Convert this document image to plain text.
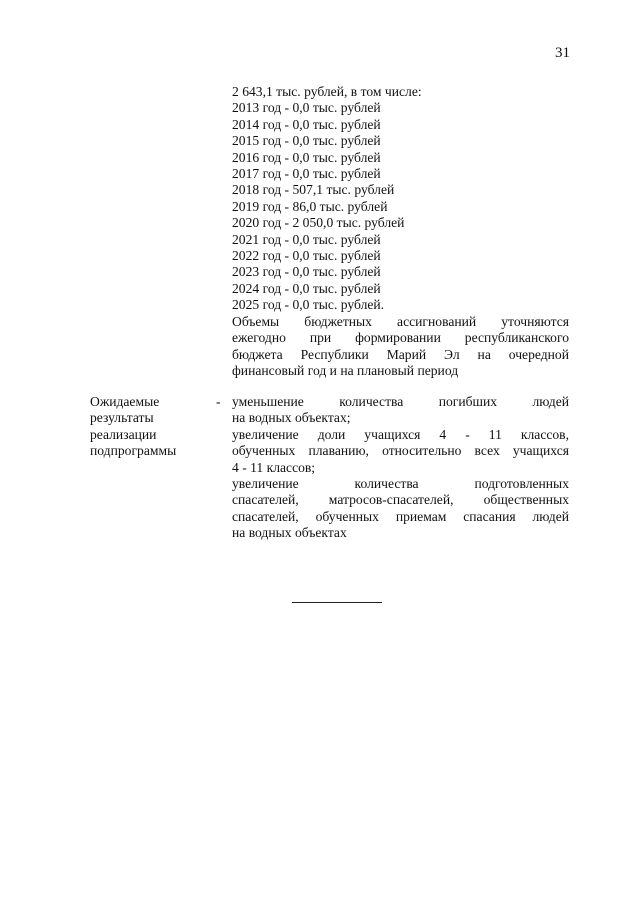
31
2 643,1 тыс. рублей, в том числе:
2013 год - 0,0 тыс. рублей
2014 год - 0,0 тыс. рублей
2015 год - 0,0 тыс. рублей
2016 год - 0,0 тыс. рублей
2017 год - 0,0 тыс. рублей
2018 год - 507,1 тыс. рублей
2019 год - 86,0 тыс. рублей
2020 год - 2 050,0 тыс. рублей
2021 год - 0,0 тыс. рублей
2022 год - 0,0 тыс. рублей
2023 год - 0,0 тыс. рублей
2024 год - 0,0 тыс. рублей
2025 год - 0,0 тыс. рублей.
Объемы бюджетных ассигнований уточняются
ежегодно при формировании республиканского
бюджета Республики Марий Эл на очередной
финансовый год и на плановый период
Ожидаемые
результаты
реализации
подпрограммы
- уменьшение количества погибших людей
на водных объектах;
увеличение доли учащихся 4 - 11 классов,
обученных плаванию, относительно всех учащихся
4 - 11 классов;
увеличение количества подготовленных
спасателей, матросов-спасателей, общественных
спасателей, обученных приемам спасания людей
на водных объектах
